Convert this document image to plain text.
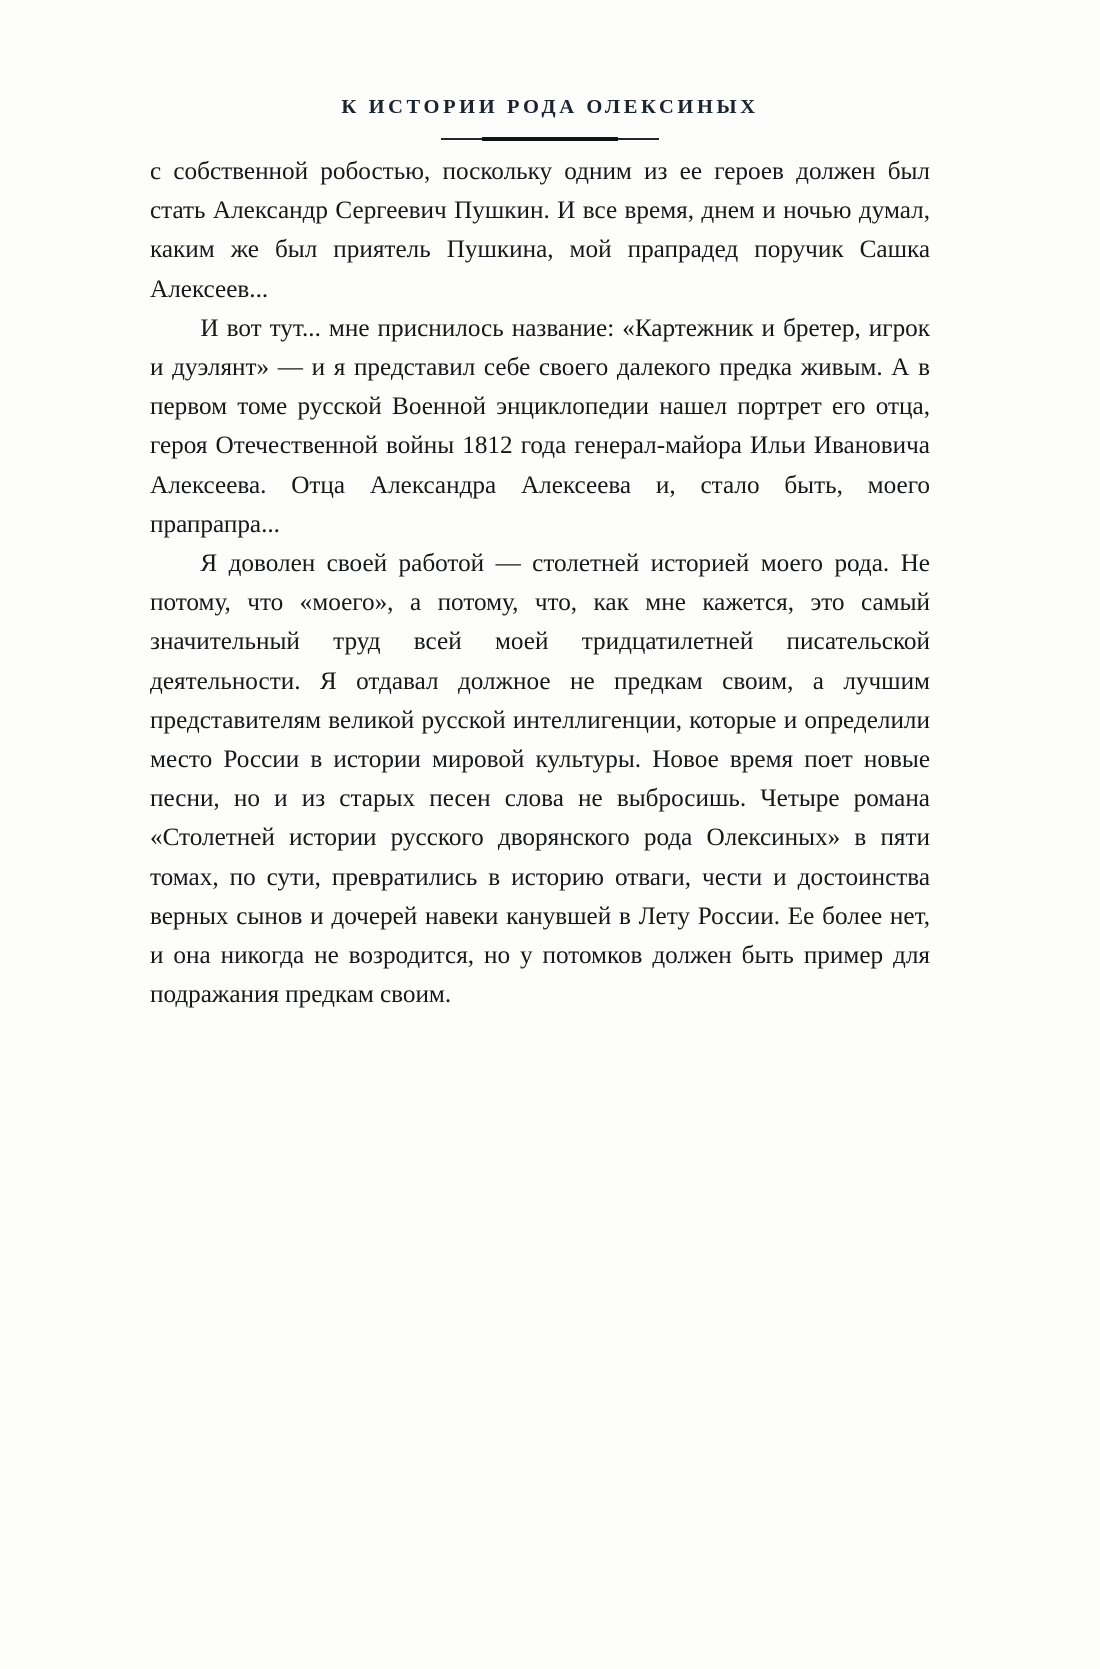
К ИСТОРИИ РОДА ОЛЕКСИНЫХ

с собственной робостью, поскольку одним из ее героев должен был стать Александр Сергеевич Пушкин. И все время, днем и ночью думал, каким же был приятель Пушкина, мой прапрадед поручик Сашка Алексеев...

И вот тут... мне приснилось название: «Картежник и бретер, игрок и дуэлянт» — и я представил себе своего далекого предка живым. А в первом томе русской Военной энциклопедии нашел портрет его отца, героя Отечественной войны 1812 года генерал-майора Ильи Ивановича Алексеева. Отца Александра Алексеева и, стало быть, моего прапрапра...

Я доволен своей работой — столетней историей моего рода. Не потому, что «моего», а потому, что, как мне кажется, это самый значительный труд всей моей тридцатилетней писательской деятельности. Я отдавал должное не предкам своим, а лучшим представителям великой русской интеллигенции, которые и определили место России в истории мировой культуры. Новое время поет новые песни, но и из старых песен слова не выбросишь. Четыре романа «Столетней истории русского дворянского рода Олексиных» в пяти томах, по сути, превратились в историю отваги, чести и достоинства верных сынов и дочерей навеки канувшей в Лету России. Ее более нет, и она никогда не возродится, но у потомков должен быть пример для подражания предкам своим.
